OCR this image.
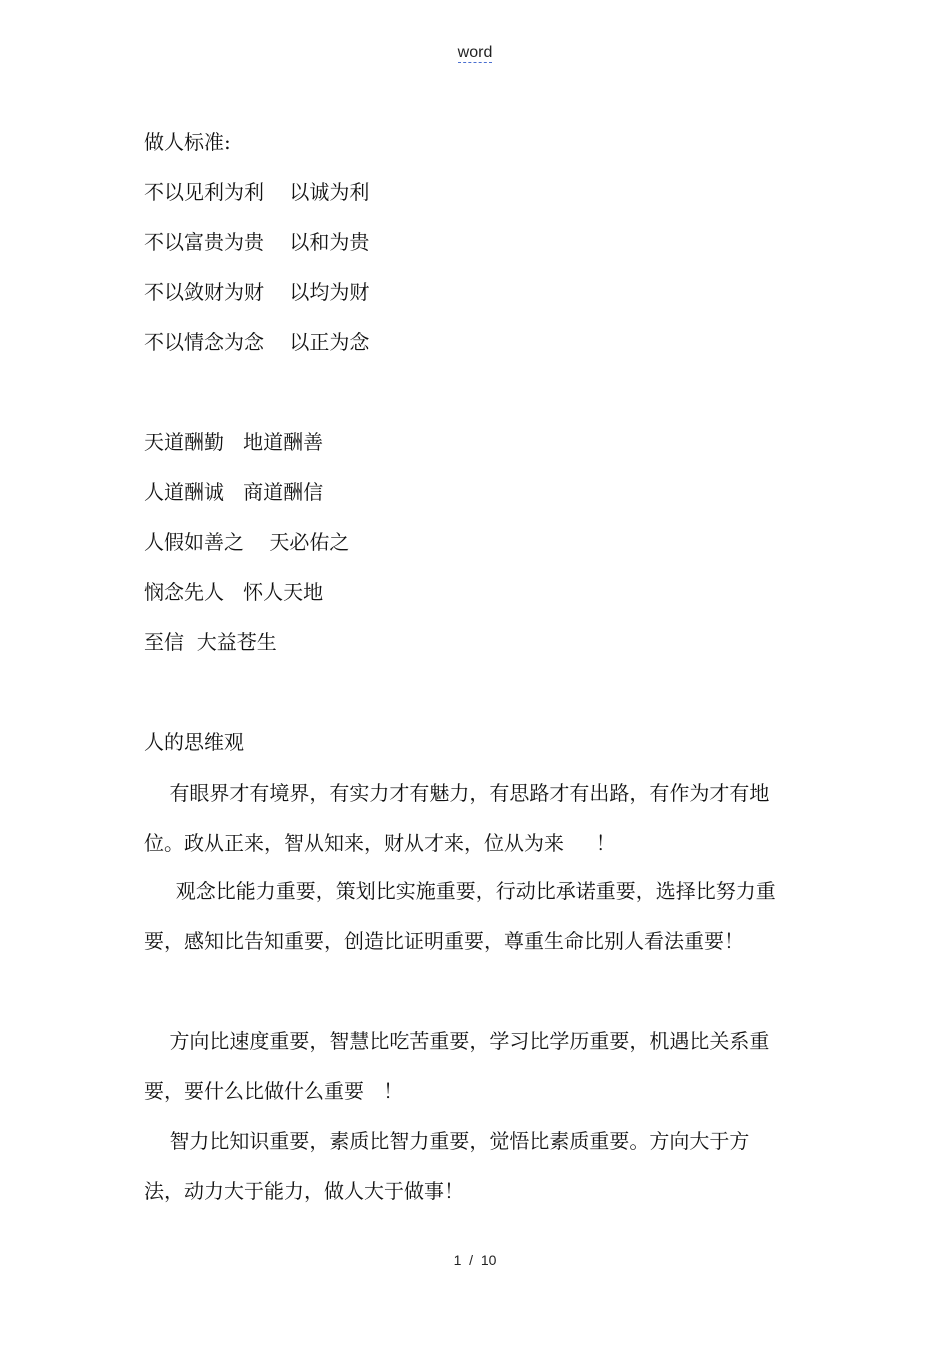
word
做人标准:
不以见利为利    以诚为利
不以富贵为贵    以和为贵
不以敛财为财    以均为财
不以情念为念    以正为念
天道酬勤   地道酬善
人道酬诚   商道酬信
人假如善之    天必佑之
悯念先人   怀人天地
至信  大益苍生
人的思维观
有眼界才有境界，有实力才有魅力，有思路才有出路，有作为才有地位。政从正来，智从知来，财从才来，位从为来     ！
观念比能力重要，策划比实施重要，行动比承诺重要，选择比努力重要，感知比告知重要，创造比证明重要，尊重生命比别人看法重要！
方向比速度重要，智慧比吃苦重要，学习比学历重要，机遇比关系重要，要什么比做什么重要   ！
智力比知识重要，素质比智力重要，觉悟比素质重要。方向大于方法，动力大于能力，做人大于做事！
1  /  10
